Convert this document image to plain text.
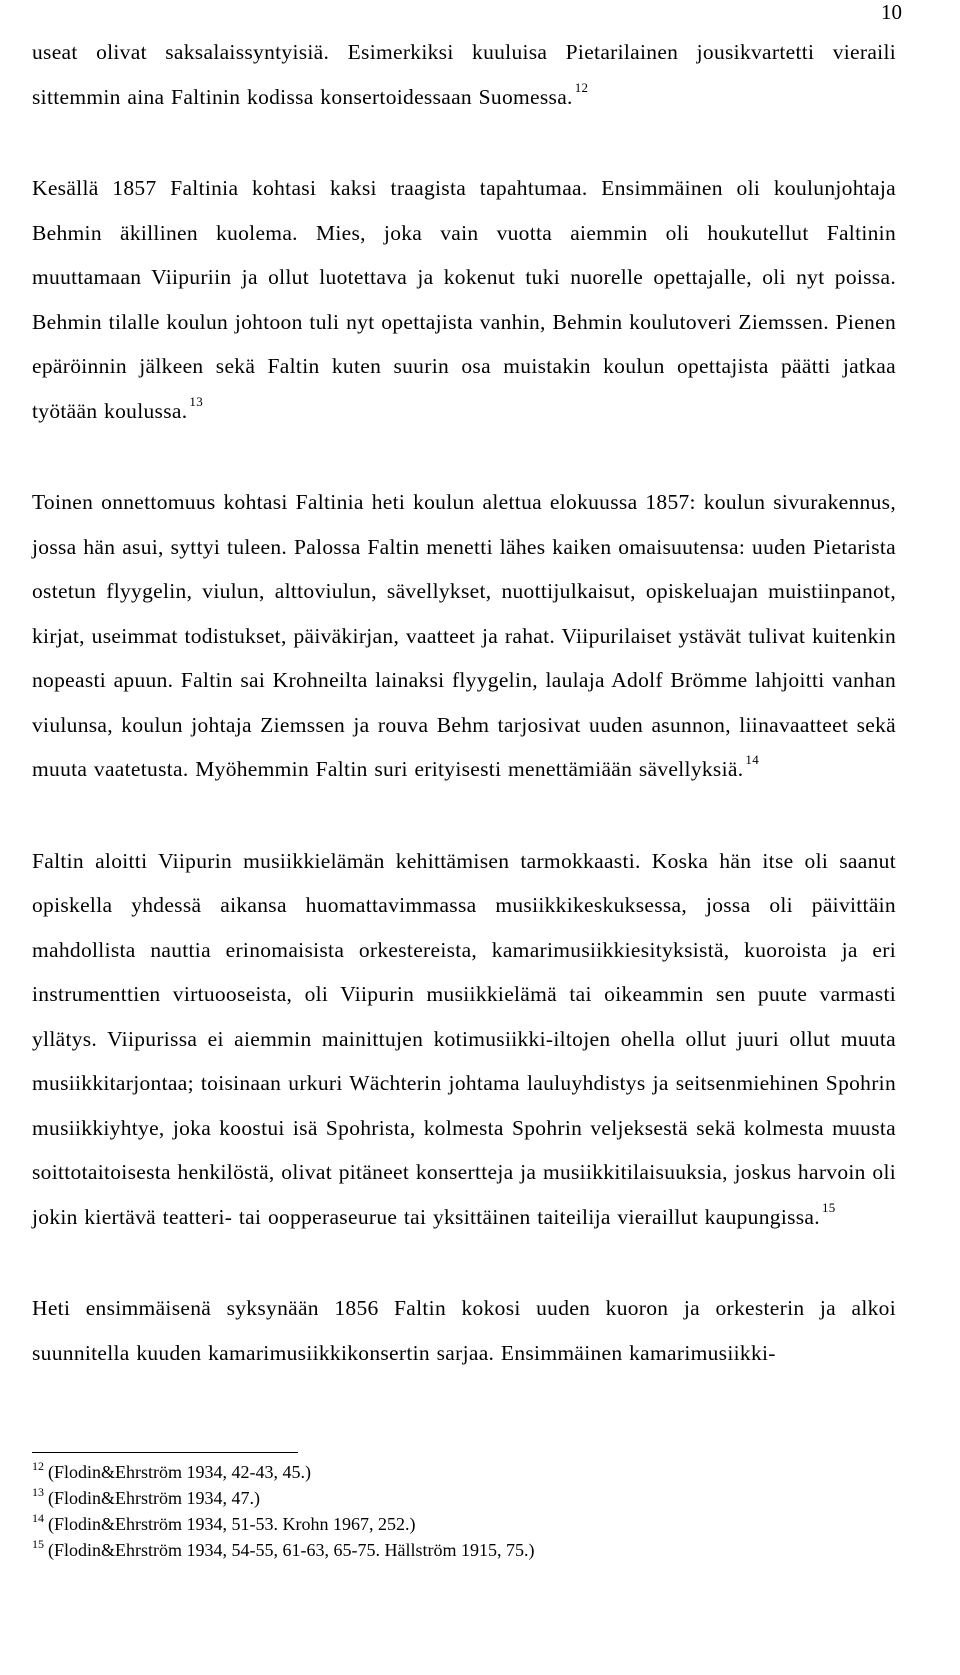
10

useat olivat saksalaissyntyisiä. Esimerkiksi kuuluisa Pietarilainen jousikvartetti vieraili sittemmin aina Faltinin kodissa konsertoidessaan Suomessa. $^{12}$

Kesällä 1857 Faltinia kohtasi kaksi traagista tapahtumaa. Ensimmäinen oli koulunjohtaja Behmin äkillinen kuolema. Mies, joka vain vuotta aiemmin oli houkutellut Faltinin muuttamaan Viipuriin ja ollut luotettava ja kokenut tuki nuorelle opettajalle, oli nyt poissa. Behmin tilalle koulun johtoon tuli nyt opettajista vanhin, Behmin koulutoveri Ziemssen. Pienen epäröinnin jälkeen sekä Faltin kuten suurin osa muistakin koulun opettajista päätti jatkaa työtään koulussa. $^{13}$

Toinen onnettomuus kohtasi Faltinia heti koulun alettua elokuussa 1857: koulun sivurakennus, jossa hän asui, syttyi tuleen. Palossa Faltin menetti lähes kaiken omaisuutensa: uuden Pietarista ostetun flyygelin, viulun, alttoviulun, sävellykset, nuottijulkaisut, opiskeluajan muistiinpanot, kirjat, useimmat todistukset, päiväkirjan, vaatteet ja rahat. Viipurilaiset ystävät tulivat kuitenkin nopeasti apuun. Faltin sai Krohneilta lainaksi flyygelin, laulaja Adolf Brömme lahjoitti vanhan viulunsa, koulun johtaja Ziemssen ja rouva Behm tarjosivat uuden asunnon, liinavaatteet sekä muuta vaatetusta. Myöhemmin Faltin suri erityisesti menettämiään sävellyksiä. $^{14}$

Faltin aloitti Viipurin musiikkielämän kehittämisen tarmokkaasti. Koska hän itse oli saanut opiskella yhdessä aikansa huomattavimmassa musiikkikeskuksessa, jossa oli päivittäin mahdollista nauttia erinomaisista orkestereista, kamarimusiikkiesityksistä, kuoroista ja eri instrumenttien virtuooseista, oli Viipurin musiikkielämä tai oikeammin sen puute varmasti yllätys. Viipurissa ei aiemmin mainittujen kotimusiikki-iltojen ohella ollut juuri ollut muuta musiikkitarjontaa; toisinaan urkuri Wächterin johtama lauluyhdistys ja seitsenmiehinen Spohrin musiikkiyhtye, joka koostui isä Spohrista, kolmesta Spohrin veljeksestä sekä kolmesta muusta soittotaitoisesta henkilöstä, olivat pitäneet konsertteja ja musiikkitilaisuuksia, joskus harvoin oli jokin kiertävä teatteri- tai oopperaseurue tai yksittäinen taiteilija vieraillut kaupungissa. $^{15}$

Heti ensimmäisenä syksynään 1856 Faltin kokosi uuden kuoron ja orkesterin ja alkoi suunnitella kuuden kamarimusiikkikonsertin sarjaa. Ensimmäinen kamarimusiikki-

$^{12}$ (Flodin&Ehrström 1934, 42-43, 45.)

$^{13}$ (Flodin&Ehrström 1934, 47.)

$^{14}$ (Flodin&Ehrström 1934, 51-53. Krohn 1967, 252.)

$^{15}$ (Flodin&Ehrström 1934, 54-55, 61-63, 65-75. Hällström 1915, 75.)
